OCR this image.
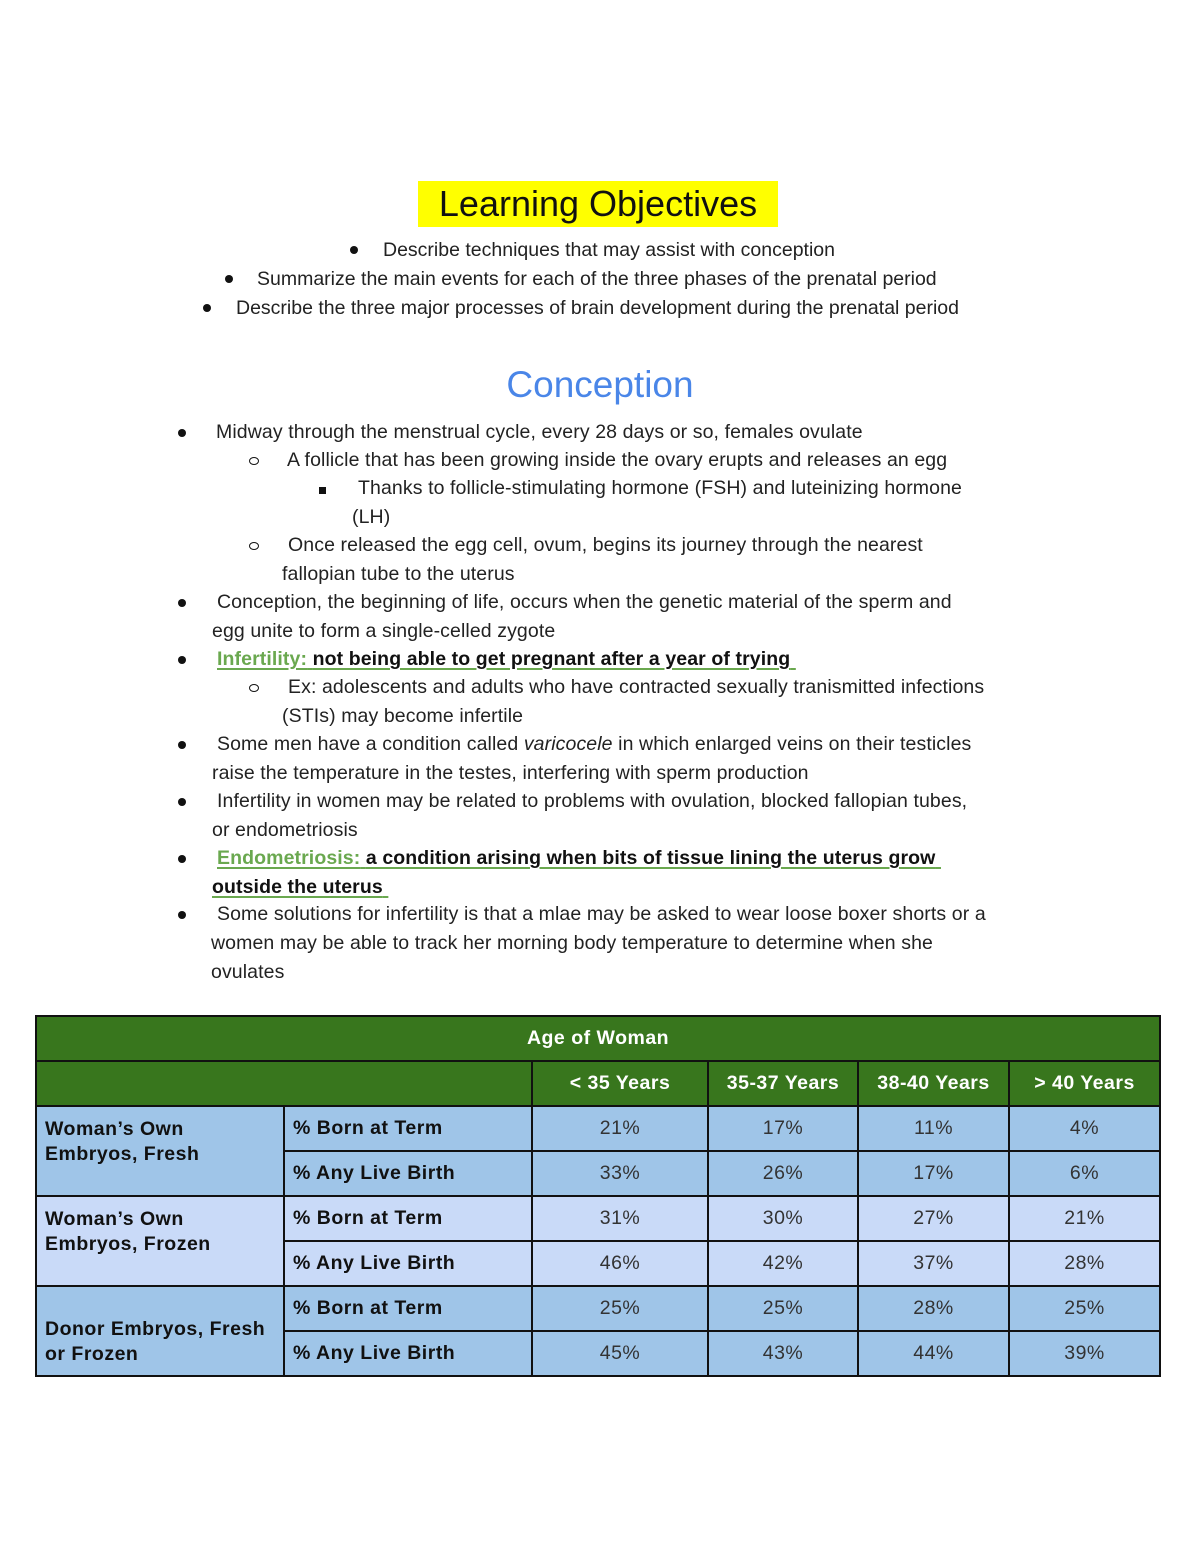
Learning Objectives
Describe techniques that may assist with conception
Summarize the main events for each of the three phases of the prenatal period
Describe the three major processes of brain development during the prenatal period
Conception
Midway through the menstrual cycle, every 28 days or so, females ovulate
A follicle that has been growing inside the ovary erupts and releases an egg
Thanks to follicle-stimulating hormone (FSH) and luteinizing hormone
(LH)
Once released the egg cell, ovum, begins its journey through the nearest
fallopian tube to the uterus
Conception, the beginning of life, occurs when the genetic material of the sperm and
egg unite to form a single-celled zygote
Infertility: not being able to get pregnant after a year of trying
Ex: adolescents and adults who have contracted sexually tranismitted infections
(STIs) may become infertile
Some men have a condition called varicocele in which enlarged veins on their testicles
raise the temperature in the testes, interfering with sperm production
Infertility in women may be related to problems with ovulation, blocked fallopian tubes,
or endometriosis
Endometriosis: a condition arising when bits of tissue lining the uterus grow
outside the uterus
Some solutions for infertility is that a mlae may be asked to wear loose boxer shorts or a
women may be able to track her morning body temperature to determine when she
ovulates
Age of Woman					
		< 35 Years	35-37 Years	38-40 Years	> 40 Years
Woman’s Own Embryos, Fresh	% Born at Term	21%	17%	11%	4%
	% Any Live Birth	33%	26%	17%	6%
Woman’s Own Embryos, Frozen	% Born at Term	31%	30%	27%	21%
	% Any Live Birth	46%	42%	37%	28%
Donor Embryos, Fresh or Frozen	% Born at Term	25%	25%	28%	25%
	% Any Live Birth	45%	43%	44%	39%
